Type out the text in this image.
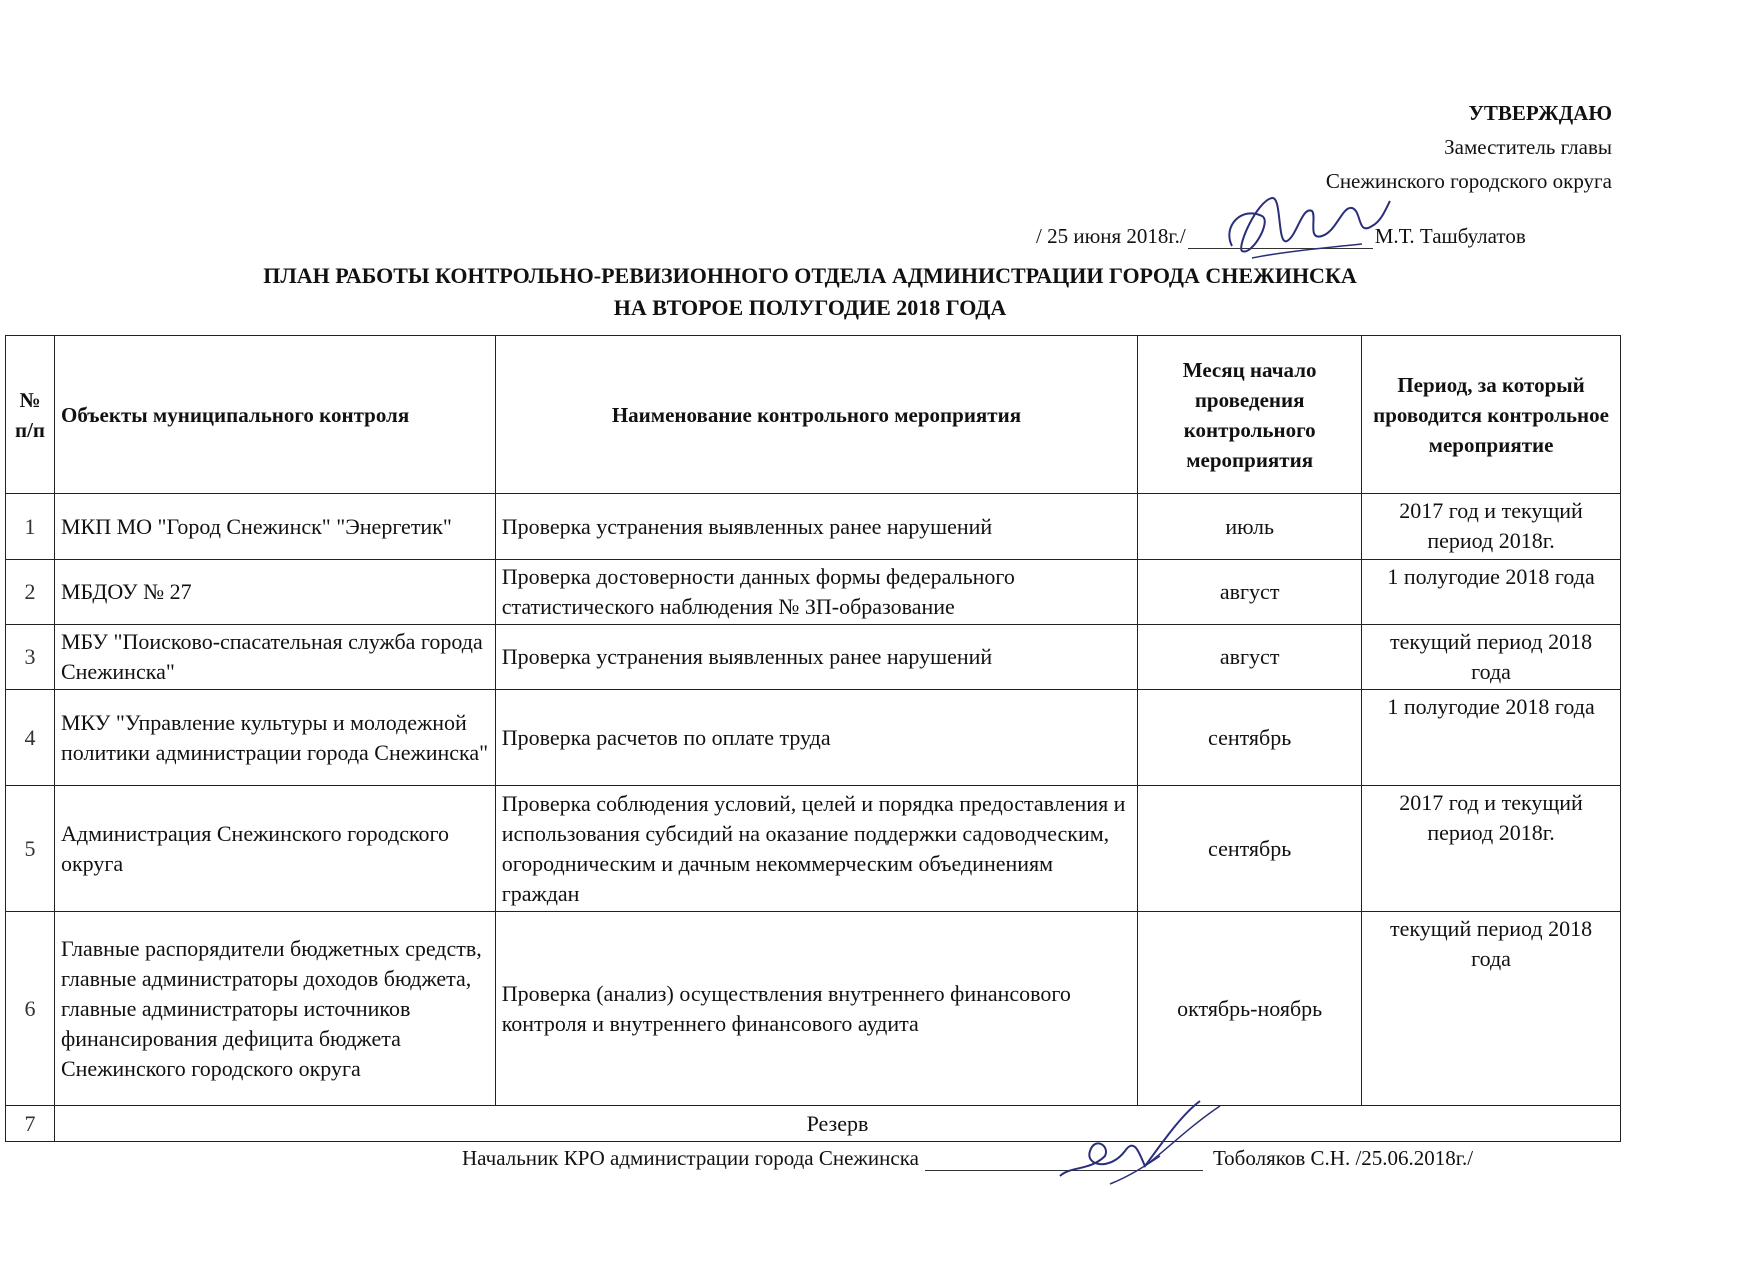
УТВЕРЖДАЮ
Заместитель главы
Снежинского городского округа
/ 25 июня 2018г./	М.Т. Ташбулатов
ПЛАН РАБОТЫ КОНТРОЛЬНО-РЕВИЗИОННОГО ОТДЕЛА АДМИНИСТРАЦИИ ГОРОДА СНЕЖИНСКА
НА ВТОРОЕ ПОЛУГОДИЕ 2018 ГОДА
№ п/п	Объекты муниципального контроля	Наименование контрольного мероприятия	Месяц начало проведения контрольного мероприятия	Период, за который проводится контрольное мероприятие
1	МКП МО "Город Снежинск" "Энергетик"	Проверка устранения выявленных ранее нарушений	июль	2017 год и текущий период 2018г.
2	МБДОУ № 27	Проверка достоверности данных формы федерального статистического наблюдения № ЗП-образование	август	1 полугодие 2018 года
3	МБУ "Поисково-спасательная служба города Снежинска"	Проверка устранения выявленных ранее нарушений	август	текущий период 2018 года
4	МКУ "Управление культуры и молодежной политики администрации города Снежинска"	Проверка расчетов по оплате труда	сентябрь	1 полугодие 2018 года
5	Администрация Снежинского городского округа	Проверка соблюдения условий, целей и порядка предоставления и использования субсидий на оказание поддержки садоводческим, огородническим и дачным некоммерческим объединениям граждан	сентябрь	2017 год и текущий период 2018г.
6	Главные распорядители бюджетных средств, главные администраторы доходов бюджета, главные администраторы источников финансирования дефицита бюджета Снежинского городского округа	Проверка (анализ) осуществления внутреннего финансового контроля и внутреннего финансового аудита	октябрь-ноябрь	текущий период 2018 года
7	Резерв			
Начальник КРО администрации города Снежинска	Тоболяков С.Н. /25.06.2018г./
